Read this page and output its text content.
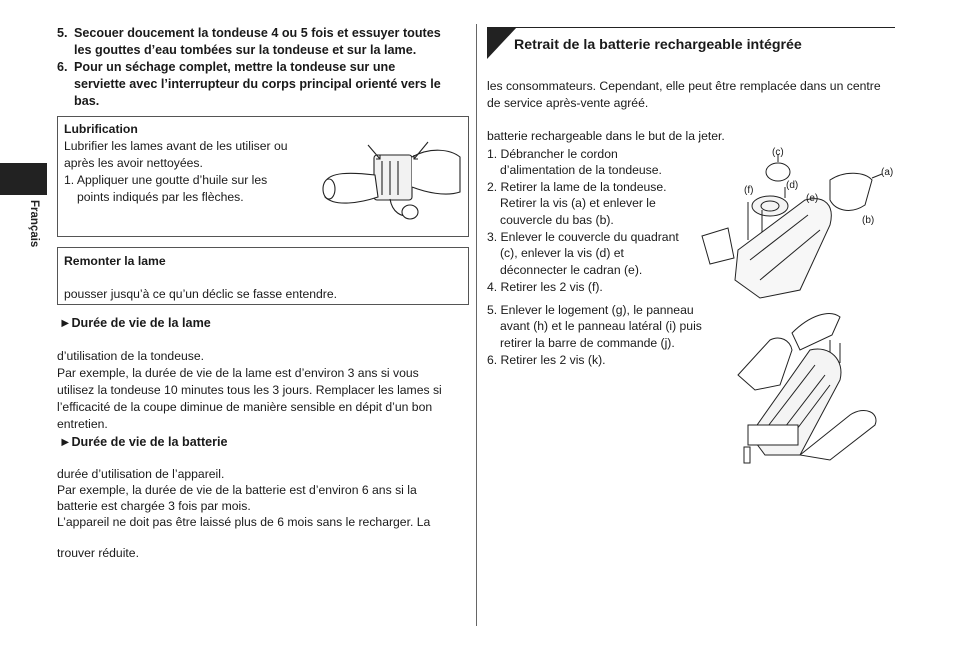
Français
5. Secouer doucement la tondeuse 4 ou 5 fois et essuyer toutes
les gouttes d’eau tombées sur la tondeuse et sur la lame.
6. Pour un séchage complet, mettre la tondeuse sur une
serviette avec l’interrupteur du corps principal orienté vers le
bas.
Lubrification
Lubrifier les lames avant de les utiliser ou
après les avoir nettoyées.
1. Appliquer une goutte d’huile sur les
points indiqués par les flèches.
Remonter la lame
pousser jusqu’à ce qu’un déclic se fasse entendre.
►Durée de vie de la lame
d’utilisation de la tondeuse.
Par exemple, la durée de vie de la lame est d’environ 3 ans si vous
utilisez la tondeuse 10 minutes tous les 3 jours. Remplacer les lames si
l’efficacité de la coupe diminue de manière sensible en dépit d’un bon
entretien.
►Durée de vie de la batterie
durée d’utilisation de l’appareil.
Par exemple, la durée de vie de la batterie est d’environ 6 ans si la
batterie est chargée 3 fois par mois.
L’appareil ne doit pas être laissé plus de 6 mois sans le recharger. La
trouver réduite.
Retrait de la batterie rechargeable intégrée
les consommateurs. Cependant, elle peut être remplacée dans un centre
de service après-vente agréé.
batterie rechargeable dans le but de la jeter.
1. Débrancher le cordon
d’alimentation de la tondeuse.
2. Retirer la lame de la tondeuse.
Retirer la vis (a) et enlever le
couvercle du bas (b).
3. Enlever le couvercle du quadrant
(c), enlever la vis (d) et
déconnecter le cadran (e).
4. Retirer les 2 vis (f).
5. Enlever le logement (g), le panneau
avant (h) et le panneau latéral (i) puis
retirer la barre de commande (j).
6. Retirer les 2 vis (k).
(c)
(d)
(e)
(f)
(a)
(b)
